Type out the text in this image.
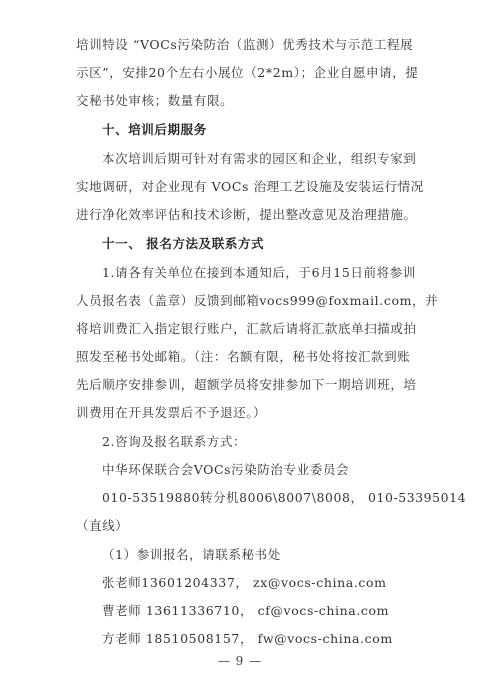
培训特设 “VOCs污染防治（监测）优秀技术与示范工程展
示区”，安排20个左右小展位（2*2m）；企业自愿申请，提
交秘书处审核；数量有限。
十、培训后期服务
本次培训后期可针对有需求的园区和企业，组织专家到
实地调研，对企业现有 VOCs 治理工艺设施及安装运行情况
进行净化效率评估和技术诊断，提出整改意见及治理措施。
十一、 报名方法及联系方式
1.请各有关单位在接到本通知后，于6月15日前将参训
人员报名表（盖章）反馈到邮箱vocs999@foxmail.com，并
将培训费汇入指定银行账户，汇款后请将汇款底单扫描或拍
照发至秘书处邮箱。（注：名额有限，秘书处将按汇款到账
先后顺序安排参训，超额学员将安排参加下一期培训班，培
训费用在开具发票后不予退还。）
2.咨询及报名联系方式：
中华环保联合会VOCs污染防治专业委员会
010-53519880转分机8006\8007\8008， 010-53395014
（直线）
（1）参训报名，请联系秘书处
张老师13601204337， zx@vocs-china.com
曹老师 13611336710， cf@vocs-china.com
方老师 18510508157， fw@vocs-china.com
— 9 —
